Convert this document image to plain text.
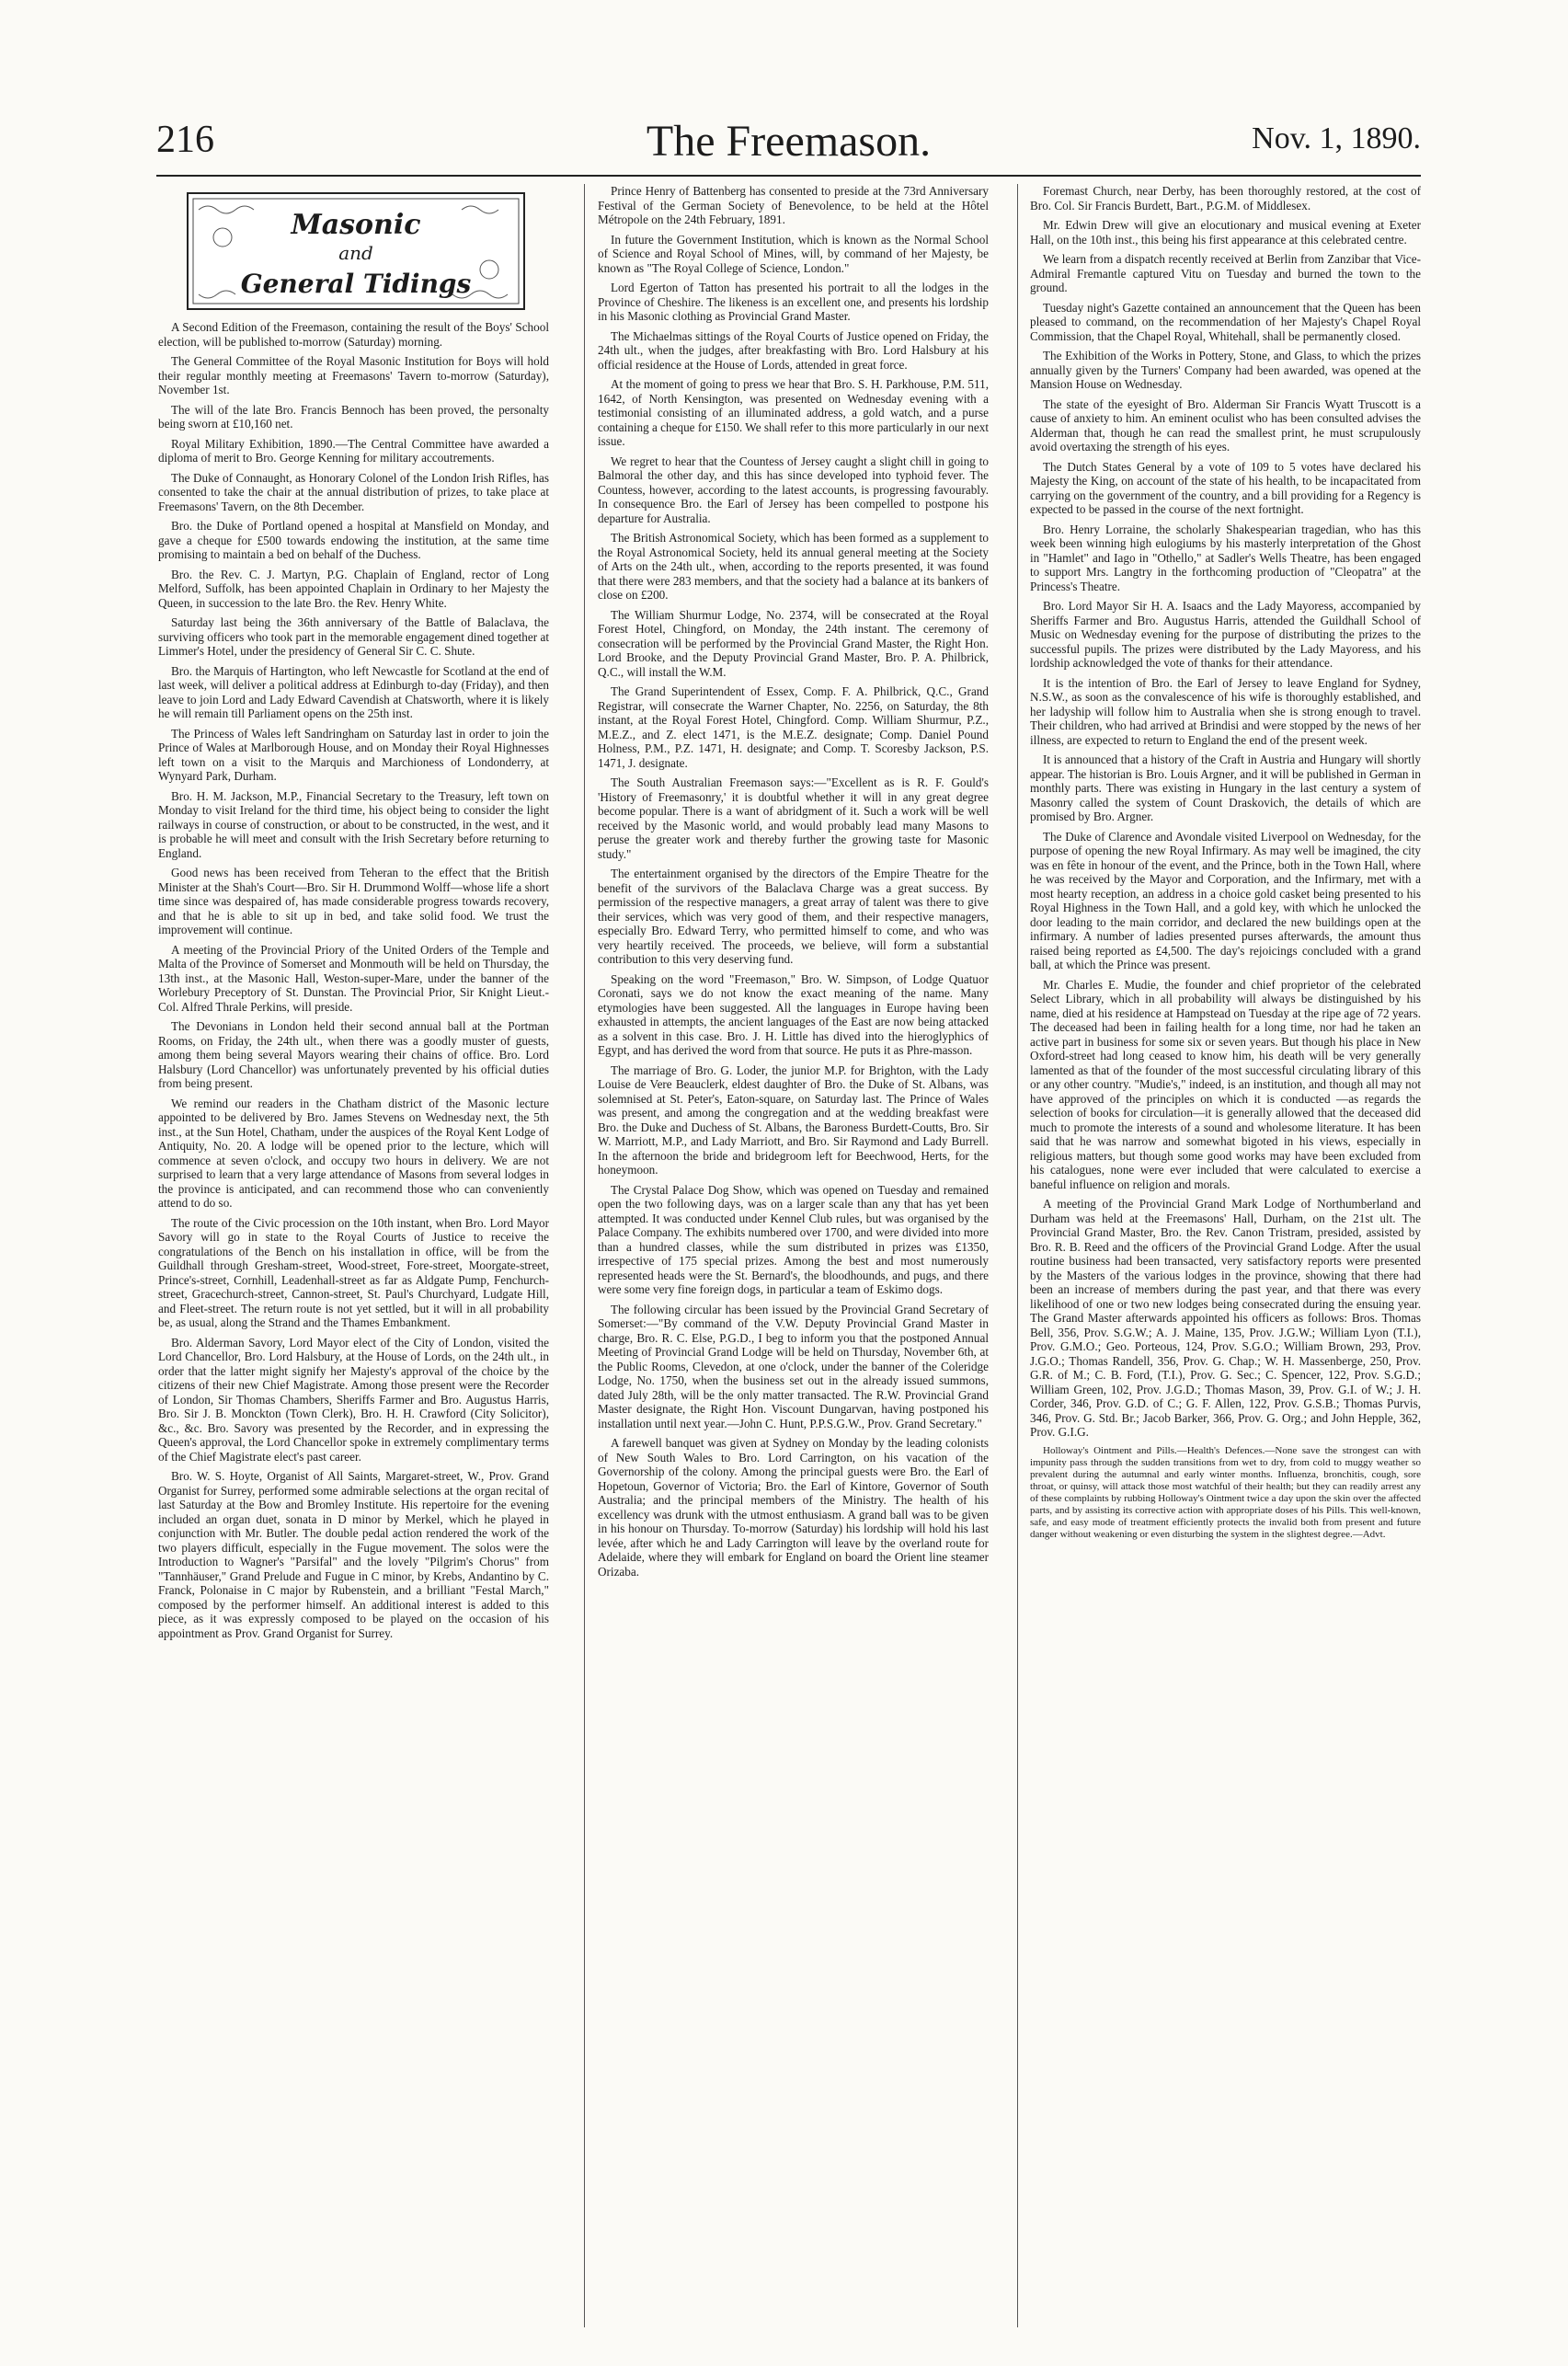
216	The Freemason.	Nov. 1, 1890.
Masonic
and
General Tidings

A Second Edition of the Freemason, containing the result of the Boys' School election, will be published to-morrow (Saturday) morning.

The General Committee of the Royal Masonic Institution for Boys will hold their regular monthly meeting at Freemasons' Tavern to-morrow (Saturday), November 1st.

The will of the late Bro. Francis Bennoch has been proved, the personalty being sworn at £10,160 net.

Royal Military Exhibition, 1890.—The Central Committee have awarded a diploma of merit to Bro. George Kenning for military accoutrements.

The Duke of Connaught, as Honorary Colonel of the London Irish Rifles, has consented to take the chair at the annual distribution of prizes, to take place at Freemasons' Tavern, on the 8th December.

Bro. the Duke of Portland opened a hospital at Mansfield on Monday, and gave a cheque for £500 towards endowing the institution, at the same time promising to maintain a bed on behalf of the Duchess.

Bro. the Rev. C. J. Martyn, P.G. Chaplain of England, rector of Long Melford, Suffolk, has been appointed Chaplain in Ordinary to her Majesty the Queen, in succession to the late Bro. the Rev. Henry White.

Saturday last being the 36th anniversary of the Battle of Balaclava, the surviving officers who took part in the memorable engagement dined together at Limmer's Hotel, under the presidency of General Sir C. C. Shute.

Bro. the Marquis of Hartington, who left Newcastle for Scotland at the end of last week, will deliver a political address at Edinburgh to-day (Friday), and then leave to join Lord and Lady Edward Cavendish at Chatsworth, where it is likely he will remain till Parliament opens on the 25th inst.

The Princess of Wales left Sandringham on Saturday last in order to join the Prince of Wales at Marlborough House, and on Monday their Royal Highnesses left town on a visit to the Marquis and Marchioness of Londonderry, at Wynyard Park, Durham.

Bro. H. M. Jackson, M.P., Financial Secretary to the Treasury, left town on Monday to visit Ireland for the third time, his object being to consider the light railways in course of construction, or about to be constructed, in the west, and it is probable he will meet and consult with the Irish Secretary before returning to England.

Good news has been received from Teheran to the effect that the British Minister at the Shah's Court—Bro. Sir H. Drummond Wolff—whose life a short time since was despaired of, has made considerable progress towards recovery, and that he is able to sit up in bed, and take solid food. We trust the improvement will continue.

A meeting of the Provincial Priory of the United Orders of the Temple and Malta of the Province of Somerset and Monmouth will be held on Thursday, the 13th inst., at the Masonic Hall, Weston-super-Mare, under the banner of the Worlebury Preceptory of St. Dunstan. The Provincial Prior, Sir Knight Lieut.-Col. Alfred Thrale Perkins, will preside.

The Devonians in London held their second annual ball at the Portman Rooms, on Friday, the 24th ult., when there was a goodly muster of guests, among them being several Mayors wearing their chains of office. Bro. Lord Halsbury (Lord Chancellor) was unfortunately prevented by his official duties from being present.

We remind our readers in the Chatham district of the Masonic lecture appointed to be delivered by Bro. James Stevens on Wednesday next, the 5th inst., at the Sun Hotel, Chatham, under the auspices of the Royal Kent Lodge of Antiquity, No. 20. A lodge will be opened prior to the lecture, which will commence at seven o'clock, and occupy two hours in delivery. We are not surprised to learn that a very large attendance of Masons from several lodges in the province is anticipated, and can recommend those who can conveniently attend to do so.

The route of the Civic procession on the 10th instant, when Bro. Lord Mayor Savory will go in state to the Royal Courts of Justice to receive the congratulations of the Bench on his installation in office, will be from the Guildhall through Gresham-street, Wood-street, Fore-street, Moorgate-street, Prince's-street, Cornhill, Leadenhall-street as far as Aldgate Pump, Fenchurch-street, Gracechurch-street, Cannon-street, St. Paul's Churchyard, Ludgate Hill, and Fleet-street. The return route is not yet settled, but it will in all probability be, as usual, along the Strand and the Thames Embankment.

Bro. Alderman Savory, Lord Mayor elect of the City of London, visited the Lord Chancellor, Bro. Lord Halsbury, at the House of Lords, on the 24th ult., in order that the latter might signify her Majesty's approval of the choice by the citizens of their new Chief Magistrate. Among those present were the Recorder of London, Sir Thomas Chambers, Sheriffs Farmer and Bro. Augustus Harris, Bro. Sir J. B. Monckton (Town Clerk), Bro. H. H. Crawford (City Solicitor), &c., &c. Bro. Savory was presented by the Recorder, and in expressing the Queen's approval, the Lord Chancellor spoke in extremely complimentary terms of the Chief Magistrate elect's past career.

Bro. W. S. Hoyte, Organist of All Saints, Margaret-street, W., Prov. Grand Organist for Surrey, performed some admirable selections at the organ recital of last Saturday at the Bow and Bromley Institute. His repertoire for the evening included an organ duet, sonata in D minor by Merkel, which he played in conjunction with Mr. Butler. The double pedal action rendered the work of the two players difficult, especially in the Fugue movement. The solos were the Introduction to Wagner's "Parsifal" and the lovely "Pilgrim's Chorus" from "Tannhäuser," Grand Prelude and Fugue in C minor, by Krebs, Andantino by C. Franck, Polonaise in C major by Rubenstein, and a brilliant "Festal March," composed by the performer himself. An additional interest is added to this piece, as it was expressly composed to be played on the occasion of his appointment as Prov. Grand Organist for Surrey.

Prince Henry of Battenberg has consented to preside at the 73rd Anniversary Festival of the German Society of Benevolence, to be held at the Hôtel Métropole on the 24th February, 1891.

In future the Government Institution, which is known as the Normal School of Science and Royal School of Mines, will, by command of her Majesty, be known as "The Royal College of Science, London."

Lord Egerton of Tatton has presented his portrait to all the lodges in the Province of Cheshire. The likeness is an excellent one, and presents his lordship in his Masonic clothing as Provincial Grand Master.

The Michaelmas sittings of the Royal Courts of Justice opened on Friday, the 24th ult., when the judges, after breakfasting with Bro. Lord Halsbury at his official residence at the House of Lords, attended in great force.

At the moment of going to press we hear that Bro. S. H. Parkhouse, P.M. 511, 1642, of North Kensington, was presented on Wednesday evening with a testimonial consisting of an illuminated address, a gold watch, and a purse containing a cheque for £150. We shall refer to this more particularly in our next issue.

We regret to hear that the Countess of Jersey caught a slight chill in going to Balmoral the other day, and this has since developed into typhoid fever. The Countess, however, according to the latest accounts, is progressing favourably. In consequence Bro. the Earl of Jersey has been compelled to postpone his departure for Australia.

The British Astronomical Society, which has been formed as a supplement to the Royal Astronomical Society, held its annual general meeting at the Society of Arts on the 24th ult., when, according to the reports presented, it was found that there were 283 members, and that the society had a balance at its bankers of close on £200.

The William Shurmur Lodge, No. 2374, will be consecrated at the Royal Forest Hotel, Chingford, on Monday, the 24th instant. The ceremony of consecration will be performed by the Provincial Grand Master, the Right Hon. Lord Brooke, and the Deputy Provincial Grand Master, Bro. P. A. Philbrick, Q.C., will install the W.M.

The Grand Superintendent of Essex, Comp. F. A. Philbrick, Q.C., Grand Registrar, will consecrate the Warner Chapter, No. 2256, on Saturday, the 8th instant, at the Royal Forest Hotel, Chingford. Comp. William Shurmur, P.Z., M.E.Z., and Z. elect 1471, is the M.E.Z. designate; Comp. Daniel Pound Holness, P.M., P.Z. 1471, H. designate; and Comp. T. Scoresby Jackson, P.S. 1471, J. designate.

The South Australian Freemason says:—"Excellent as is R. F. Gould's 'History of Freemasonry,' it is doubtful whether it will in any great degree become popular. There is a want of abridgment of it. Such a work will be well received by the Masonic world, and would probably lead many Masons to peruse the greater work and thereby further the growing taste for Masonic study."

The entertainment organised by the directors of the Empire Theatre for the benefit of the survivors of the Balaclava Charge was a great success. By permission of the respective managers, a great array of talent was there to give their services, which was very good of them, and their respective managers, especially Bro. Edward Terry, who permitted himself to come, and who was very heartily received. The proceeds, we believe, will form a substantial contribution to this very deserving fund.

Speaking on the word "Freemason," Bro. W. Simpson, of Lodge Quatuor Coronati, says we do not know the exact meaning of the name. Many etymologies have been suggested. All the languages in Europe having been exhausted in attempts, the ancient languages of the East are now being attacked as a solvent in this case. Bro. J. H. Little has dived into the hieroglyphics of Egypt, and has derived the word from that source. He puts it as Phre-masson.

The marriage of Bro. G. Loder, the junior M.P. for Brighton, with the Lady Louise de Vere Beauclerk, eldest daughter of Bro. the Duke of St. Albans, was solemnised at St. Peter's, Eaton-square, on Saturday last. The Prince of Wales was present, and among the congregation and at the wedding breakfast were Bro. the Duke and Duchess of St. Albans, the Baroness Burdett-Coutts, Bro. Sir W. Marriott, M.P., and Lady Marriott, and Bro. Sir Raymond and Lady Burrell. In the afternoon the bride and bridegroom left for Beechwood, Herts, for the honeymoon.

The Crystal Palace Dog Show, which was opened on Tuesday and remained open the two following days, was on a larger scale than any that has yet been attempted. It was conducted under Kennel Club rules, but was organised by the Palace Company. The exhibits numbered over 1700, and were divided into more than a hundred classes, while the sum distributed in prizes was £1350, irrespective of 175 special prizes. Among the best and most numerously represented heads were the St. Bernard's, the bloodhounds, and pugs, and there were some very fine foreign dogs, in particular a team of Eskimo dogs.

The following circular has been issued by the Provincial Grand Secretary of Somerset:—"By command of the V.W. Deputy Provincial Grand Master in charge, Bro. R. C. Else, P.G.D., I beg to inform you that the postponed Annual Meeting of Provincial Grand Lodge will be held on Thursday, November 6th, at the Public Rooms, Clevedon, at one o'clock, under the banner of the Coleridge Lodge, No. 1750, when the business set out in the already issued summons, dated July 28th, will be the only matter transacted. The R.W. Provincial Grand Master designate, the Right Hon. Viscount Dungarvan, having postponed his installation until next year.—John C. Hunt, P.P.S.G.W., Prov. Grand Secretary."

A farewell banquet was given at Sydney on Monday by the leading colonists of New South Wales to Bro. Lord Carrington, on his vacation of the Governorship of the colony. Among the principal guests were Bro. the Earl of Hopetoun, Governor of Victoria; Bro. the Earl of Kintore, Governor of South Australia; and the principal members of the Ministry. The health of his excellency was drunk with the utmost enthusiasm. A grand ball was to be given in his honour on Thursday. To-morrow (Saturday) his lordship will hold his last levée, after which he and Lady Carrington will leave by the overland route for Adelaide, where they will embark for England on board the Orient line steamer Orizaba.

Foremast Church, near Derby, has been thoroughly restored, at the cost of Bro. Col. Sir Francis Burdett, Bart., P.G.M. of Middlesex.

Mr. Edwin Drew will give an elocutionary and musical evening at Exeter Hall, on the 10th inst., this being his first appearance at this celebrated centre.

We learn from a dispatch recently received at Berlin from Zanzibar that Vice-Admiral Fremantle captured Vitu on Tuesday and burned the town to the ground.

Tuesday night's Gazette contained an announcement that the Queen has been pleased to command, on the recommendation of her Majesty's Chapel Royal Commission, that the Chapel Royal, Whitehall, shall be permanently closed.

The Exhibition of the Works in Pottery, Stone, and Glass, to which the prizes annually given by the Turners' Company had been awarded, was opened at the Mansion House on Wednesday.

The state of the eyesight of Bro. Alderman Sir Francis Wyatt Truscott is a cause of anxiety to him. An eminent oculist who has been consulted advises the Alderman that, though he can read the smallest print, he must scrupulously avoid overtaxing the strength of his eyes.

The Dutch States General by a vote of 109 to 5 votes have declared his Majesty the King, on account of the state of his health, to be incapacitated from carrying on the government of the country, and a bill providing for a Regency is expected to be passed in the course of the next fortnight.

Bro. Henry Lorraine, the scholarly Shakespearian tragedian, who has this week been winning high eulogiums by his masterly interpretation of the Ghost in "Hamlet" and Iago in "Othello," at Sadler's Wells Theatre, has been engaged to support Mrs. Langtry in the forthcoming production of "Cleopatra" at the Princess's Theatre.

Bro. Lord Mayor Sir H. A. Isaacs and the Lady Mayoress, accompanied by Sheriffs Farmer and Bro. Augustus Harris, attended the Guildhall School of Music on Wednesday evening for the purpose of distributing the prizes to the successful pupils. The prizes were distributed by the Lady Mayoress, and his lordship acknowledged the vote of thanks for their attendance.

It is the intention of Bro. the Earl of Jersey to leave England for Sydney, N.S.W., as soon as the convalescence of his wife is thoroughly established, and her ladyship will follow him to Australia when she is strong enough to travel. Their children, who had arrived at Brindisi and were stopped by the news of her illness, are expected to return to England the end of the present week.

It is announced that a history of the Craft in Austria and Hungary will shortly appear. The historian is Bro. Louis Argner, and it will be published in German in monthly parts. There was existing in Hungary in the last century a system of Masonry called the system of Count Draskovich, the details of which are promised by Bro. Argner.

The Duke of Clarence and Avondale visited Liverpool on Wednesday, for the purpose of opening the new Royal Infirmary. As may well be imagined, the city was en fête in honour of the event, and the Prince, both in the Town Hall, where he was received by the Mayor and Corporation, and the Infirmary, met with a most hearty reception, an address in a choice gold casket being presented to his Royal Highness in the Town Hall, and a gold key, with which he unlocked the door leading to the main corridor, and declared the new buildings open at the infirmary. A number of ladies presented purses afterwards, the amount thus raised being reported as £4,500. The day's rejoicings concluded with a grand ball, at which the Prince was present.

Mr. Charles E. Mudie, the founder and chief proprietor of the celebrated Select Library, which in all probability will always be distinguished by his name, died at his residence at Hampstead on Tuesday at the ripe age of 72 years. The deceased had been in failing health for a long time, nor had he taken an active part in business for some six or seven years. But though his place in New Oxford-street had long ceased to know him, his death will be very generally lamented as that of the founder of the most successful circulating library of this or any other country. "Mudie's," indeed, is an institution, and though all may not have approved of the principles on which it is conducted —as regards the selection of books for circulation—it is generally allowed that the deceased did much to promote the interests of a sound and wholesome literature. It has been said that he was narrow and somewhat bigoted in his views, especially in religious matters, but though some good works may have been excluded from his catalogues, none were ever included that were calculated to exercise a baneful influence on religion and morals.

A meeting of the Provincial Grand Mark Lodge of Northumberland and Durham was held at the Freemasons' Hall, Durham, on the 21st ult. The Provincial Grand Master, Bro. the Rev. Canon Tristram, presided, assisted by Bro. R. B. Reed and the officers of the Provincial Grand Lodge. After the usual routine business had been transacted, very satisfactory reports were presented by the Masters of the various lodges in the province, showing that there had been an increase of members during the past year, and that there was every likelihood of one or two new lodges being consecrated during the ensuing year. The Grand Master afterwards appointed his officers as follows: Bros. Thomas Bell, 356, Prov. S.G.W.; A. J. Maine, 135, Prov. J.G.W.; William Lyon (T.I.), Prov. G.M.O.; Geo. Porteous, 124, Prov. S.G.O.; William Brown, 293, Prov. J.G.O.; Thomas Randell, 356, Prov. G. Chap.; W. H. Massenberge, 250, Prov. G.R. of M.; C. B. Ford, (T.I.), Prov. G. Sec.; C. Spencer, 122, Prov. S.G.D.; William Green, 102, Prov. J.G.D.; Thomas Mason, 39, Prov. G.I. of W.; J. H. Corder, 346, Prov. G.D. of C.; G. F. Allen, 122, Prov. G.S.B.; Thomas Purvis, 346, Prov. G. Std. Br.; Jacob Barker, 366, Prov. G. Org.; and John Hepple, 362, Prov. G.I.G.

Holloway's Ointment and Pills.—Health's Defences.—None save the strongest can with impunity pass through the sudden transitions from wet to dry, from cold to muggy weather so prevalent during the autumnal and early winter months. Influenza, bronchitis, cough, sore throat, or quinsy, will attack those most watchful of their health; but they can readily arrest any of these complaints by rubbing Holloway's Ointment twice a day upon the skin over the affected parts, and by assisting its corrective action with appropriate doses of his Pills. This well-known, safe, and easy mode of treatment efficiently protects the invalid both from present and future danger without weakening or even disturbing the system in the slightest degree.—Advt.
